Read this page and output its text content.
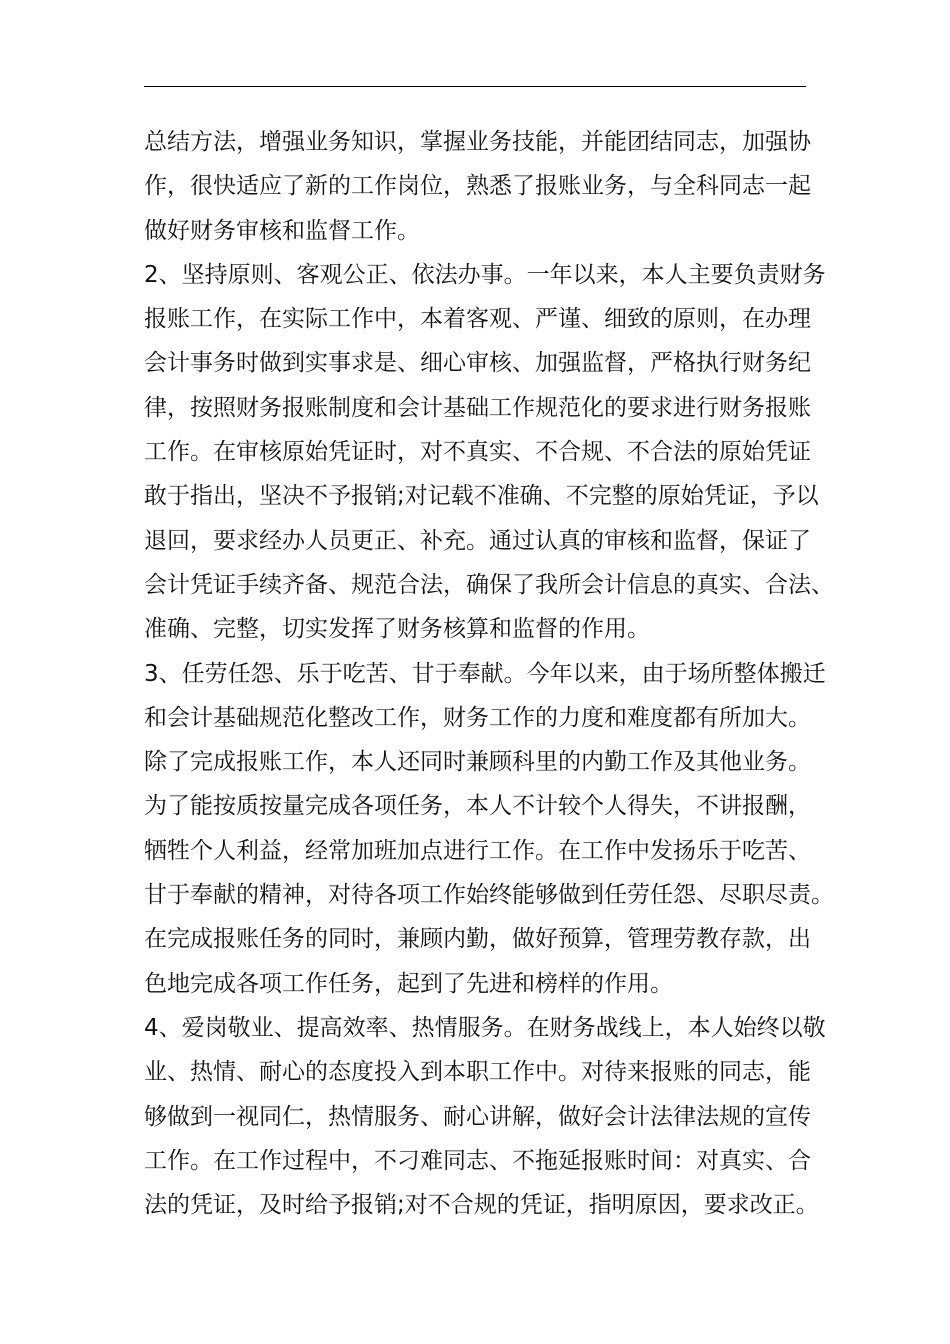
总结方法，增强业务知识，掌握业务技能，并能团结同志，加强协
作，很快适应了新的工作岗位，熟悉了报账业务，与全科同志一起
做好财务审核和监督工作。
2、坚持原则、客观公正、依法办事。一年以来，本人主要负责财务
报账工作，在实际工作中，本着客观、严谨、细致的原则，在办理
会计事务时做到实事求是、细心审核、加强监督，严格执行财务纪
律，按照财务报账制度和会计基础工作规范化的要求进行财务报账
工作。在审核原始凭证时，对不真实、不合规、不合法的原始凭证
敢于指出，坚决不予报销;对记载不准确、不完整的原始凭证，予以
退回，要求经办人员更正、补充。通过认真的审核和监督，保证了
会计凭证手续齐备、规范合法，确保了我所会计信息的真实、合法、
准确、完整，切实发挥了财务核算和监督的作用。
3、任劳任怨、乐于吃苦、甘于奉献。今年以来，由于场所整体搬迁
和会计基础规范化整改工作，财务工作的力度和难度都有所加大。
除了完成报账工作，本人还同时兼顾科里的内勤工作及其他业务。
为了能按质按量完成各项任务，本人不计较个人得失，不讲报酬，
牺牲个人利益，经常加班加点进行工作。在工作中发扬乐于吃苦、
甘于奉献的精神，对待各项工作始终能够做到任劳任怨、尽职尽责。
在完成报账任务的同时，兼顾内勤，做好预算，管理劳教存款，出
色地完成各项工作任务，起到了先进和榜样的作用。
4、爱岗敬业、提高效率、热情服务。在财务战线上，本人始终以敬
业、热情、耐心的态度投入到本职工作中。对待来报账的同志，能
够做到一视同仁，热情服务、耐心讲解，做好会计法律法规的宣传
工作。在工作过程中，不刁难同志、不拖延报账时间：对真实、合
法的凭证，及时给予报销;对不合规的凭证，指明原因，要求改正。
